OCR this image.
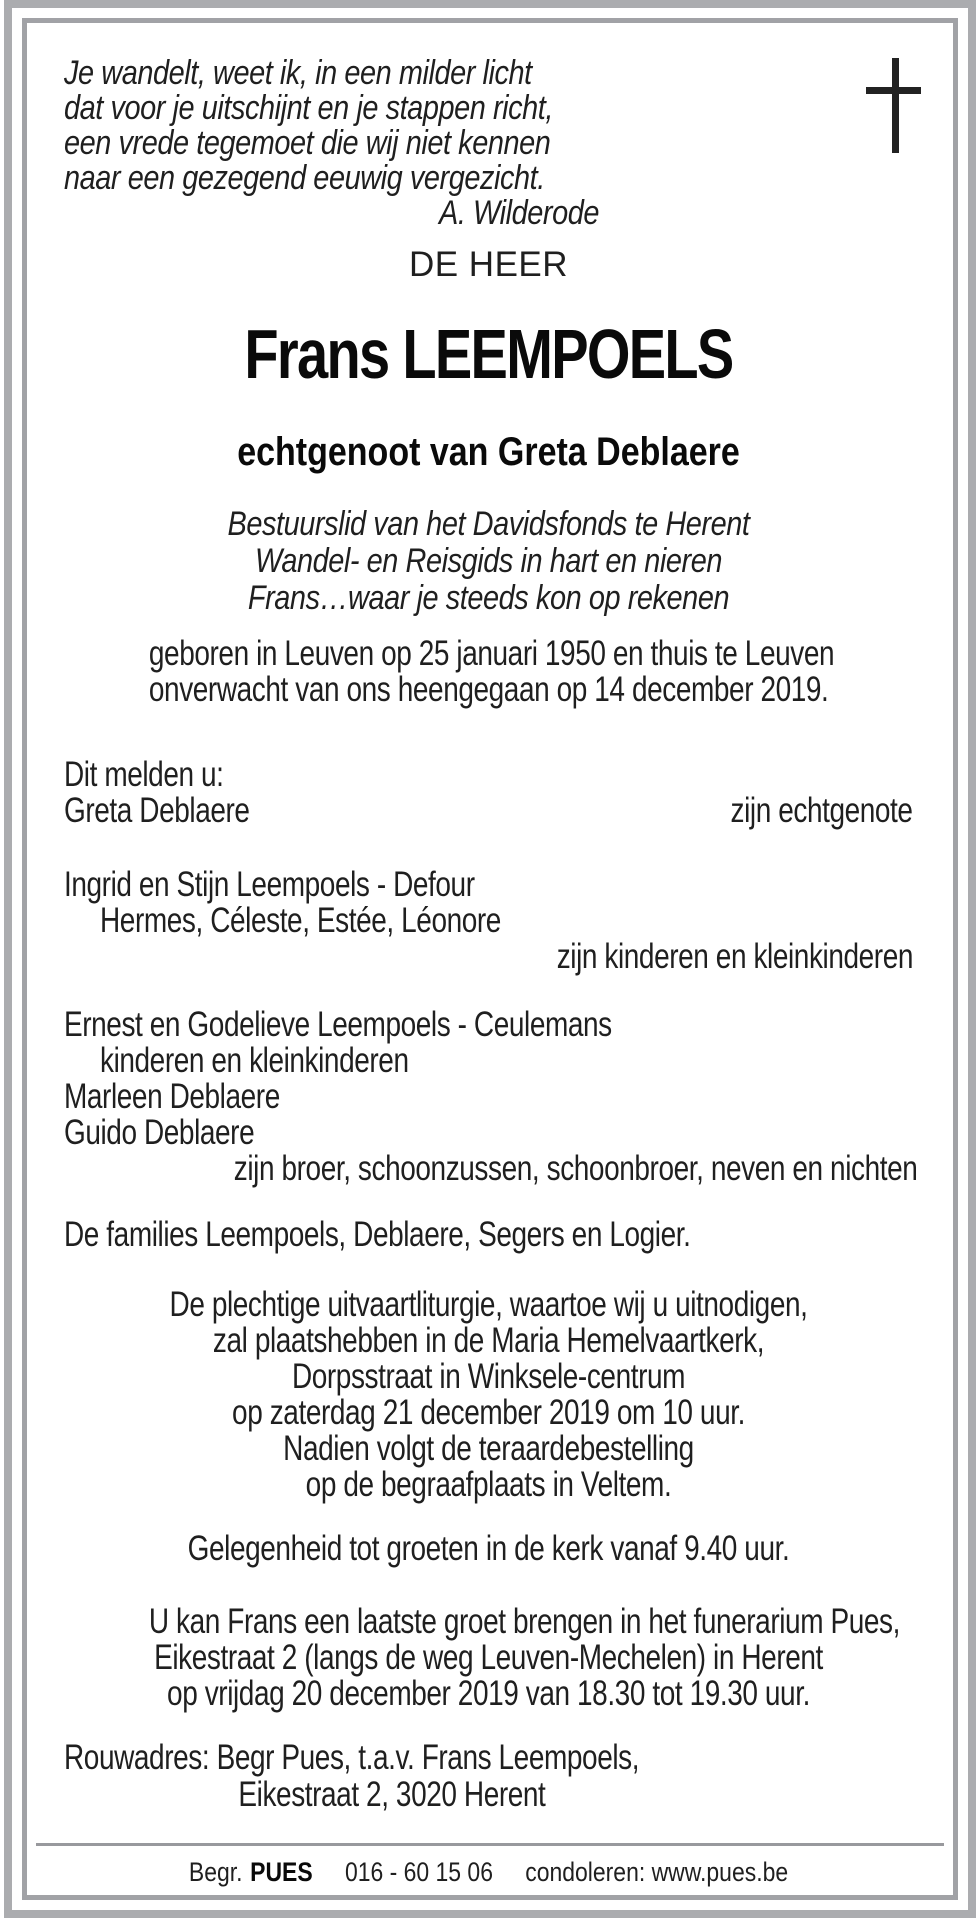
Je wandelt, weet ik, in een milder licht
dat voor je uitschijnt en je stappen richt,
een vrede tegemoet die wij niet kennen
naar een gezegend eeuwig vergezicht.
A. Wilderode
DE HEER
Frans LEEMPOELS
echtgenoot van Greta Deblaere
Bestuurslid van het Davidsfonds te Herent
Wandel- en Reisgids in hart en nieren
Frans…waar je steeds kon op rekenen
geboren in Leuven op 25 januari 1950 en thuis te Leuven
onverwacht van ons heengegaan op 14 december 2019.
Dit melden u:
Greta Deblaere	zijn echtgenote
Ingrid en Stijn Leempoels - Defour
Hermes, Céleste, Estée, Léonore
zijn kinderen en kleinkinderen
Ernest en Godelieve Leempoels - Ceulemans
kinderen en kleinkinderen
Marleen Deblaere
Guido Deblaere
zijn broer, schoonzussen, schoonbroer, neven en nichten
De families Leempoels, Deblaere, Segers en Logier.
De plechtige uitvaartliturgie, waartoe wij u uitnodigen,
zal plaatshebben in de Maria Hemelvaartkerk,
Dorpsstraat in Winksele-centrum
op zaterdag 21 december 2019 om 10 uur.
Nadien volgt de teraardebestelling
op de begraafplaats in Veltem.
Gelegenheid tot groeten in de kerk vanaf 9.40 uur.
U kan Frans een laatste groet brengen in het funerarium Pues,
Eikestraat 2 (langs de weg Leuven-Mechelen) in Herent
op vrijdag 20 december 2019 van 18.30 tot 19.30 uur.
Rouwadres: Begr Pues, t.a.v. Frans Leempoels,
Eikestraat 2, 3020 Herent
Begr. PUES 016 - 60 15 06 condoleren: www.pues.be
